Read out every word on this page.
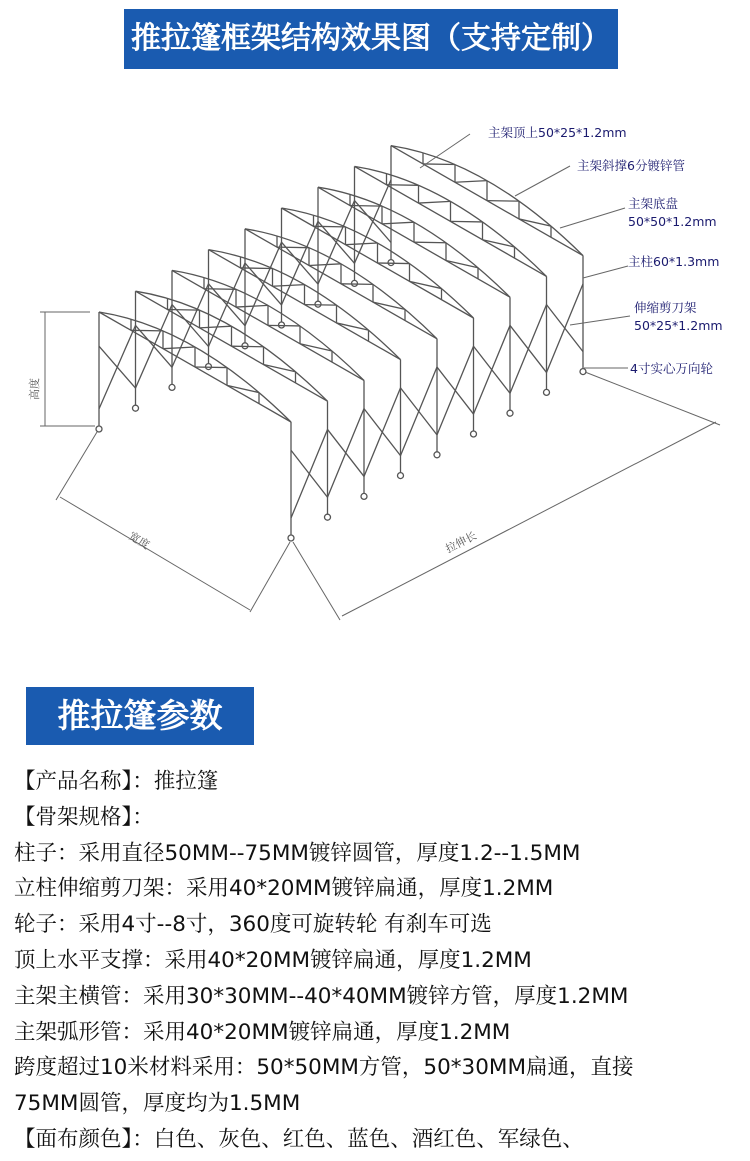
推拉篷框架结构效果图（支持定制）
高度
宽度	拉伸长
主架顶上50*25*1.2mm
主架斜撑6分镀锌管
主架底盘
50*50*1.2mm
主柱60*1.3mm
伸缩剪刀架
50*25*1.2mm
4寸实心万向轮
推拉篷参数
【产品名称】：推拉篷
【骨架规格】：
柱子：采用直径50MM--75MM镀锌圆管，厚度1.2--1.5MM
立柱伸缩剪刀架：采用40*20MM镀锌扁通，厚度1.2MM
轮子：采用4寸--8寸，360度可旋转轮 有刹车可选
顶上水平支撑：采用40*20MM镀锌扁通，厚度1.2MM
主架主横管：采用30*30MM--40*40MM镀锌方管，厚度1.2MM
主架弧形管：采用40*20MM镀锌扁通，厚度1.2MM
跨度超过10米材料采用：50*50MM方管，50*30MM扁通，直接
75MM圆管，厚度均为1.5MM
【面布颜色】：白色、灰色、红色、蓝色、酒红色、军绿色、
